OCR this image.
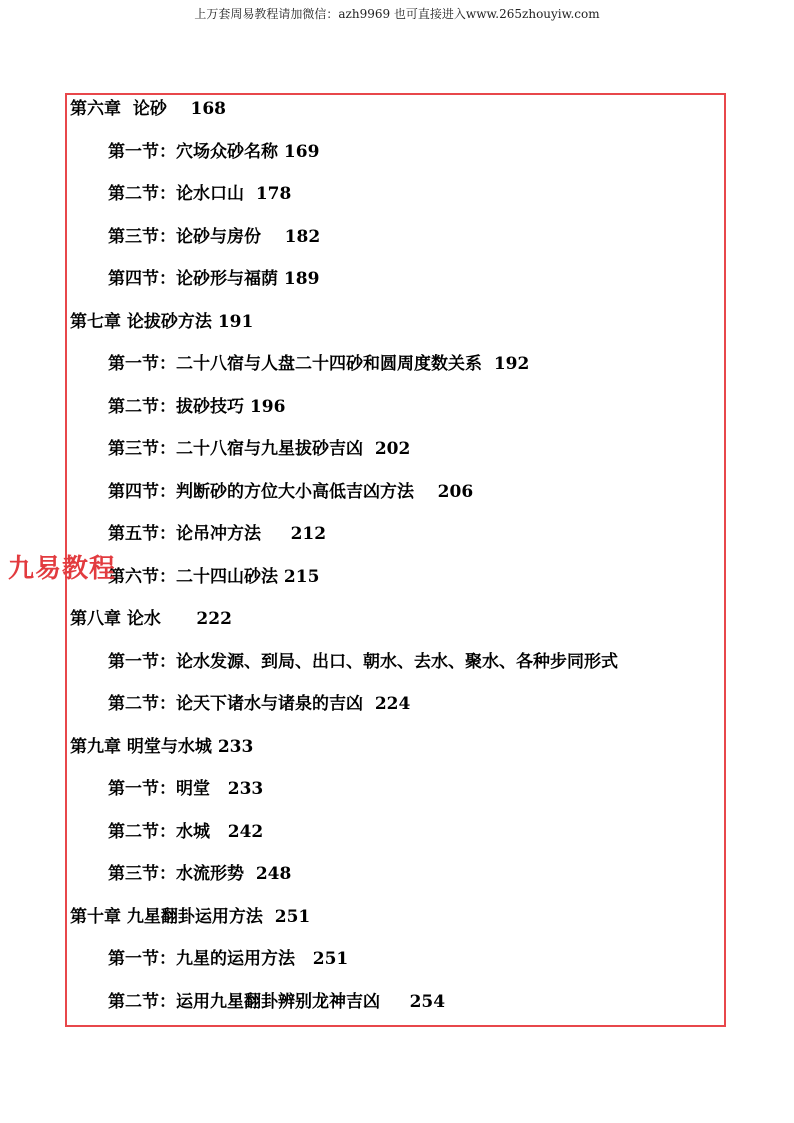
上万套周易教程请加微信：azh9969 也可直接进入www.265zhouyiw.com
第六章  论砂    168
第一节：穴场众砂名称 169
第二节：论水口山  178
第三节：论砂与房份    182
第四节：论砂形与福荫 189
第七章 论拔砂方法 191
第一节：二十八宿与人盘二十四砂和圆周度数关系  192
第二节：拔砂技巧 196
第三节：二十八宿与九星拔砂吉凶  202
第四节：判断砂的方位大小高低吉凶方法    206
第五节：论吊冲方法     212
第六节：二十四山砂法 215
第八章 论水      222
第一节：论水发源、到局、出口、朝水、去水、聚水、各种步同形式
第二节：论天下诸水与诸泉的吉凶  224
第九章 明堂与水城 233
第一节：明堂   233
第二节：水城   242
第三节：水流形势  248
第十章 九星翻卦运用方法  251
第一节：九星的运用方法   251
第二节：运用九星翻卦辨别龙神吉凶     254
九易教程
